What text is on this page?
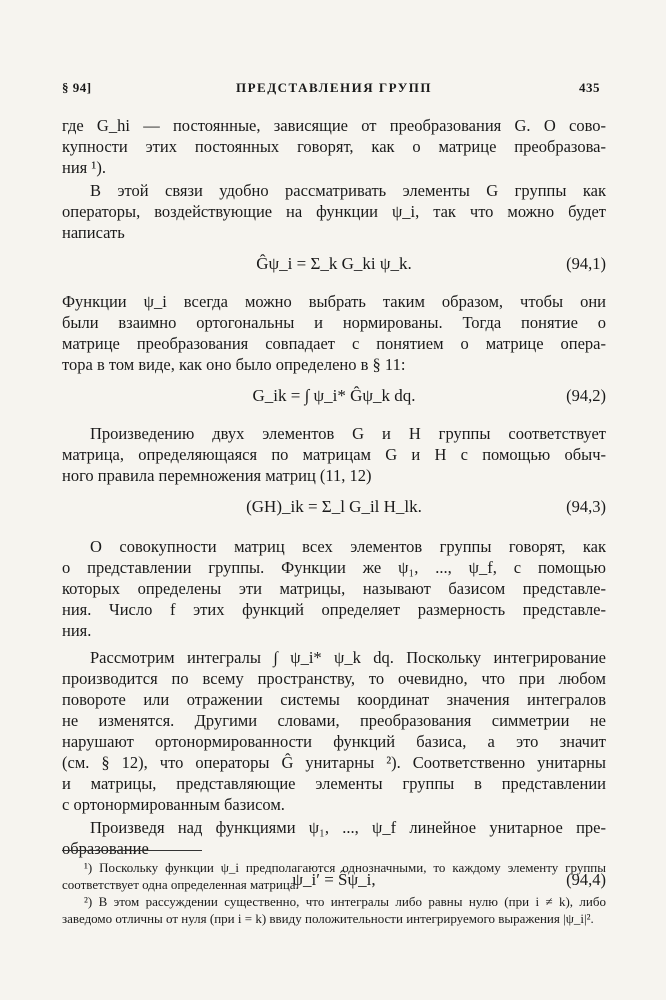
§ 94]	ПРЕДСТАВЛЕНИЯ ГРУПП	435

где G_hi — постоянные, зависящие от преобразования G. О сово-
купности этих постоянных говорят, как о матрице преобразова-
ния ¹).

В этой связи удобно рассматривать элементы G группы как
операторы, воздействующие на функции ψ_i, так что можно будет
написать

Ĝψ_i = Σ_k G_ki ψ_k.	(94,1)

Функции ψ_i всегда можно выбрать таким образом, чтобы они
были взаимно ортогональны и нормированы. Тогда понятие о
матрице преобразования совпадает с понятием о матрице опера-
тора в том виде, как оно было определено в § 11:

G_ik = ∫ ψ_i* Ĝψ_k dq.	(94,2)

Произведению двух элементов G и H группы соответствует
матрица, определяющаяся по матрицам G и H с помощью обыч-
ного правила перемножения матриц (11, 12)

(GH)_ik = Σ_l G_il H_lk.	(94,3)

О совокупности матриц всех элементов группы говорят, как
о представлении группы. Функции же ψ₁, ..., ψ_f, с помощью
которых определены эти матрицы, называют базисом представле-
ния. Число f этих функций определяет размерность представле-
ния.

Рассмотрим интегралы ∫ ψ_i* ψ_k dq. Поскольку интегрирование
производится по всему пространству, то очевидно, что при любом
повороте или отражении системы координат значения интегралов
не изменятся. Другими словами, преобразования симметрии не
нарушают ортонормированности функций базиса, а это значит
(см. § 12), что операторы Ĝ унитарны ²). Соответственно унитарны
и матрицы, представляющие элементы группы в представлении
с ортонормированным базисом.

Произведя над функциями ψ₁, ..., ψ_f линейное унитарное пре-
образование

ψ_i′ = Ŝψ_i,	(94,4)

¹) Поскольку функции ψ_i предполагаются однозначными, то каждому элементу группы соответствует одна определенная матрица.

²) В этом рассуждении существенно, что интегралы либо равны нулю (при i ≠ k), либо заведомо отличны от нуля (при i = k) ввиду положительности интегрируемого выражения |ψ_i|².
